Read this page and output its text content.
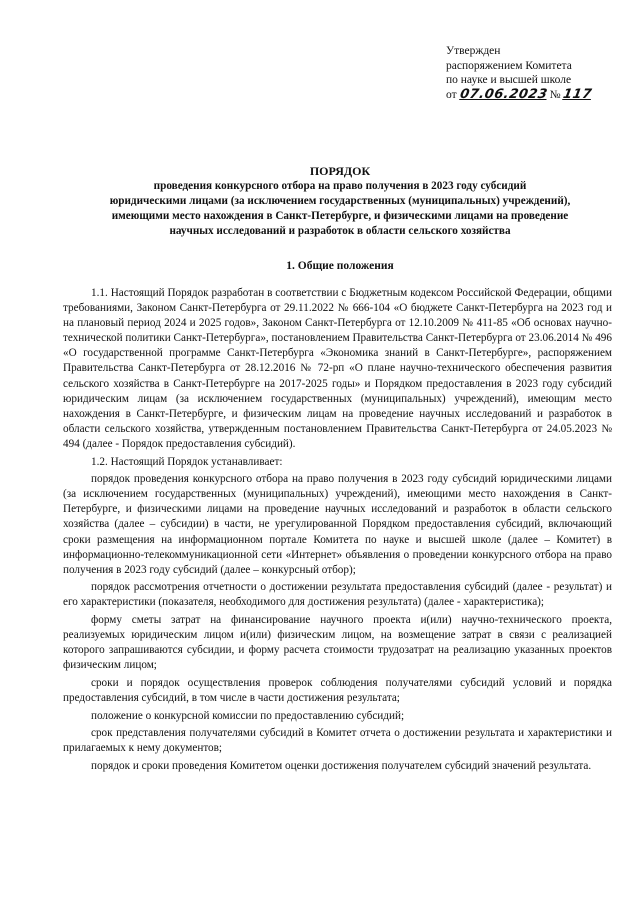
Утвержден
распоряжением Комитета
по науке и высшей школе
от 07.06.2023 № 117
ПОРЯДОК
проведения конкурсного отбора на право получения в 2023 году субсидий
юридическими лицами (за исключением государственных (муниципальных) учреждений),
имеющими место нахождения в Санкт-Петербурге, и физическими лицами на проведение
научных исследований и разработок в области сельского хозяйства
1. Общие положения

1.1. Настоящий Порядок разработан в соответствии с Бюджетным кодексом Российской Федерации, общими требованиями, Законом Санкт-Петербурга от 29.11.2022 № 666-104 «О бюджете Санкт-Петербурга на 2023 год и на плановый период 2024 и 2025 годов», Законом Санкт-Петербурга от 12.10.2009 № 411-85 «Об основах научно-технической политики Санкт-Петербурга», постановлением Правительства Санкт-Петербурга от 23.06.2014 № 496 «О государственной программе Санкт-Петербурга «Экономика знаний в Санкт-Петербурге», распоряжением Правительства Санкт-Петербурга от 28.12.2016 № 72-рп «О плане научно-технического обеспечения развития сельского хозяйства в Санкт-Петербурге на 2017-2025 годы» и Порядком предоставления в 2023 году субсидий юридическим лицам (за исключением государственных (муниципальных) учреждений), имеющим место нахождения в Санкт-Петербурге, и физическим лицам на проведение научных исследований и разработок в области сельского хозяйства, утвержденным постановлением Правительства Санкт-Петербурга от 24.05.2023 № 494 (далее - Порядок предоставления субсидий).

1.2. Настоящий Порядок устанавливает:

порядок проведения конкурсного отбора на право получения в 2023 году субсидий юридическими лицами (за исключением государственных (муниципальных) учреждений), имеющими место нахождения в Санкт-Петербурге, и физическими лицами на проведение научных исследований и разработок в области сельского хозяйства (далее – субсидии) в части, не урегулированной Порядком предоставления субсидий, включающий сроки размещения на информационном портале Комитета по науке и высшей школе (далее – Комитет) в информационно-телекоммуникационной сети «Интернет» объявления о проведении конкурсного отбора на право получения в 2023 году субсидий (далее – конкурсный отбор);

порядок рассмотрения отчетности о достижении результата предоставления субсидий (далее - результат) и его характеристики (показателя, необходимого для достижения результата) (далее - характеристика);

форму сметы затрат на финансирование научного проекта и(или) научно-технического проекта, реализуемых юридическим лицом и(или) физическим лицом, на возмещение затрат в связи с реализацией которого запрашиваются субсидии, и форму расчета стоимости трудозатрат на реализацию указанных проектов физическим лицом;

сроки и порядок осуществления проверок соблюдения получателями субсидий условий и порядка предоставления субсидий, в том числе в части достижения результата;

положение о конкурсной комиссии по предоставлению субсидий;

срок представления получателями субсидий в Комитет отчета о достижении результата и характеристики и прилагаемых к нему документов;

порядок и сроки проведения Комитетом оценки достижения получателем субсидий значений результата.
